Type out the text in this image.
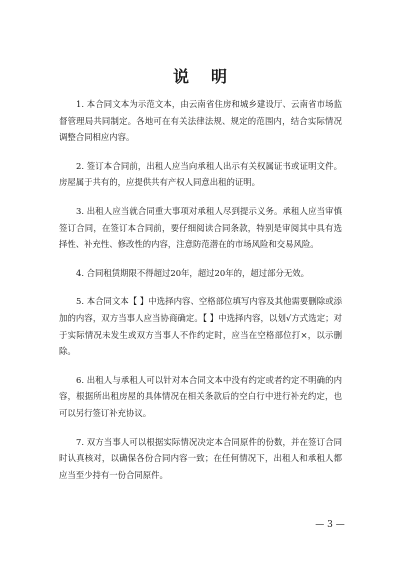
说明

1. 本合同文本为示范文本，由云南省住房和城乡建设厅、云南省市场监督管理局共同制定。各地可在有关法律法规、规定的范围内，结合实际情况调整合同相应内容。

2. 签订本合同前，出租人应当向承租人出示有关权属证书或证明文件。房屋属于共有的，应提供共有产权人同意出租的证明。

3. 出租人应当就合同重大事项对承租人尽到提示义务。承租人应当审慎签订合同，在签订本合同前，要仔细阅读合同条款，特别是审阅其中具有选择性、补充性、修改性的内容，注意防范潜在的市场风险和交易风险。

4. 合同租赁期限不得超过20年，超过20年的，超过部分无效。

5. 本合同文本【 】中选择内容、空格部位填写内容及其他需要删除或添加的内容，双方当事人应当协商确定。【 】中选择内容，以划√方式选定；对于实际情况未发生或双方当事人不作约定时，应当在空格部位打×，以示删除。

6. 出租人与承租人可以针对本合同文本中没有约定或者约定不明确的内容，根据所出租房屋的具体情况在相关条款后的空白行中进行补充约定，也可以另行签订补充协议。

7. 双方当事人可以根据实际情况决定本合同原件的份数，并在签订合同时认真核对，以确保各份合同内容一致；在任何情况下，出租人和承租人都应当至少持有一份合同原件。

— 3 —
